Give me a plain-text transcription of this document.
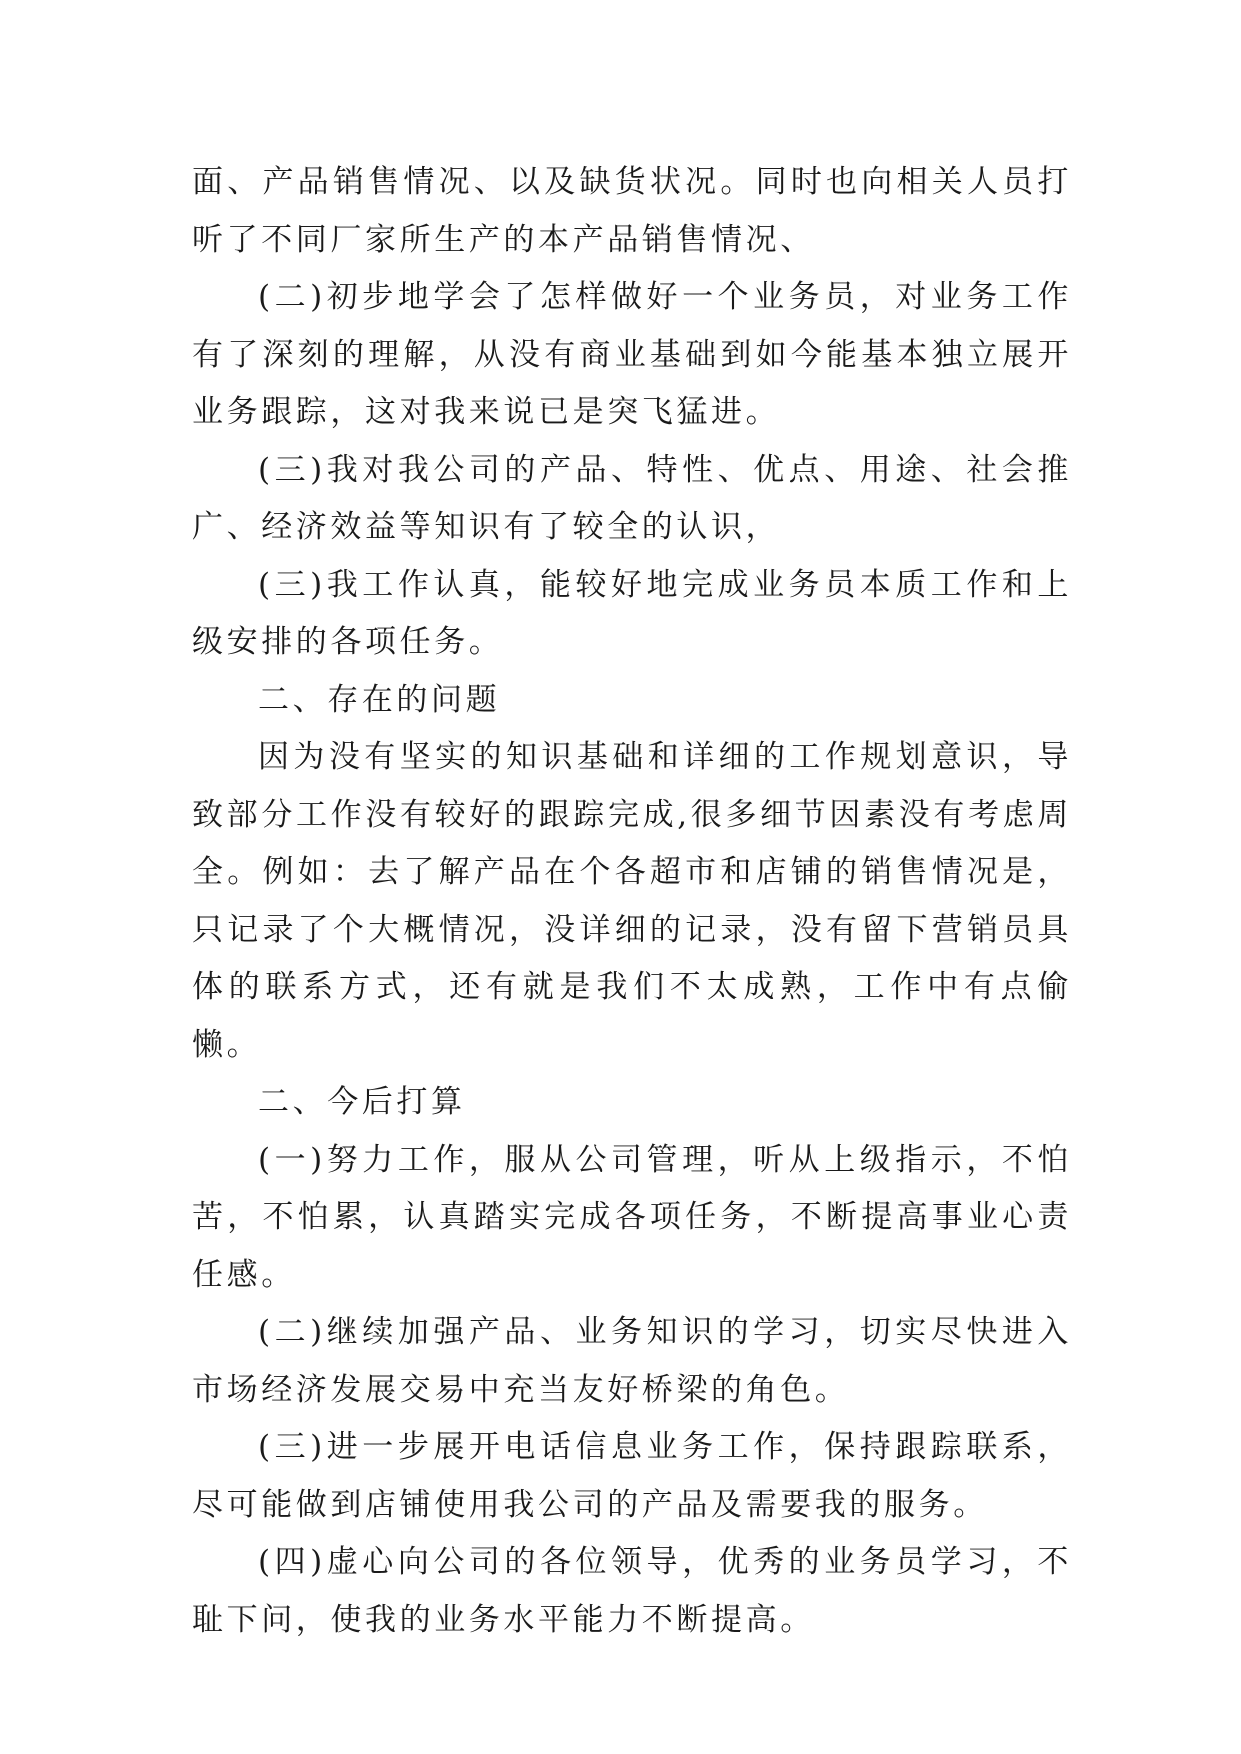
面、产品销售情况、以及缺货状况。同时也向相关人员打听了不同厂家所生产的本产品销售情况、

(二)初步地学会了怎样做好一个业务员，对业务工作有了深刻的理解，从没有商业基础到如今能基本独立展开业务跟踪，这对我来说已是突飞猛进。

(三)我对我公司的产品、特性、优点、用途、社会推广、经济效益等知识有了较全的认识，

(三)我工作认真，能较好地完成业务员本质工作和上级安排的各项任务。

二、存在的问题

因为没有坚实的知识基础和详细的工作规划意识，导致部分工作没有较好的跟踪完成,很多细节因素没有考虑周全。例如：去了解产品在个各超市和店铺的销售情况是，只记录了个大概情况，没详细的记录，没有留下营销员具体的联系方式，还有就是我们不太成熟，工作中有点偷懒。

二、今后打算

(一)努力工作，服从公司管理，听从上级指示，不怕苦，不怕累，认真踏实完成各项任务，不断提高事业心责任感。

(二)继续加强产品、业务知识的学习，切实尽快进入市场经济发展交易中充当友好桥梁的角色。

(三)进一步展开电话信息业务工作，保持跟踪联系，尽可能做到店铺使用我公司的产品及需要我的服务。

(四)虚心向公司的各位领导，优秀的业务员学习，不耻下问，使我的业务水平能力不断提高。
